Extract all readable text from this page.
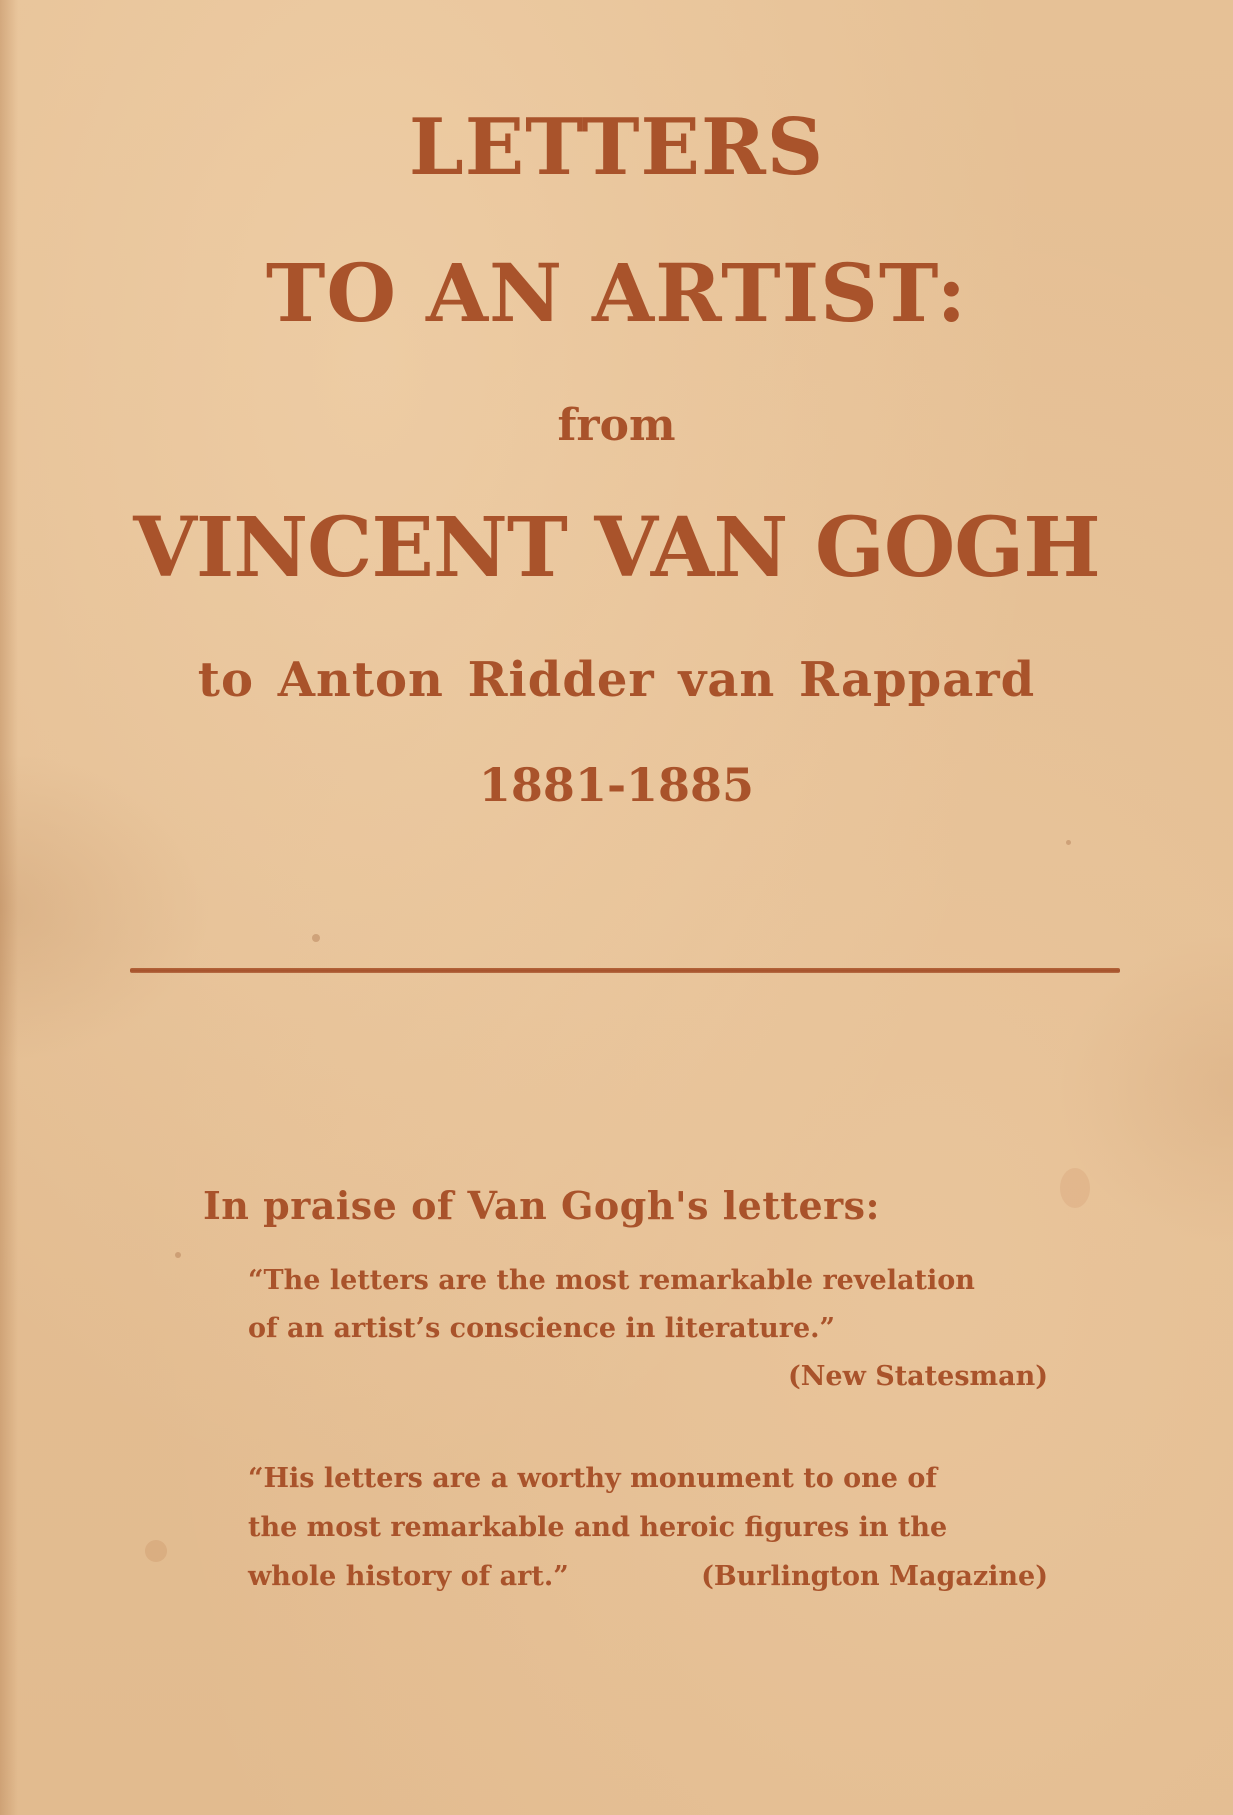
LETTERS
TO AN ARTIST:
from
VINCENT VAN GOGH
to Anton Ridder van Rappard
1881-1885
In praise of Van Gogh's letters:
“The letters are the most remarkable revelation
of an artist’s conscience in literature.”
(New Statesman)
“His letters are a worthy monument to one of
the most remarkable and heroic figures in the
whole history of art.”	(Burlington Magazine)
